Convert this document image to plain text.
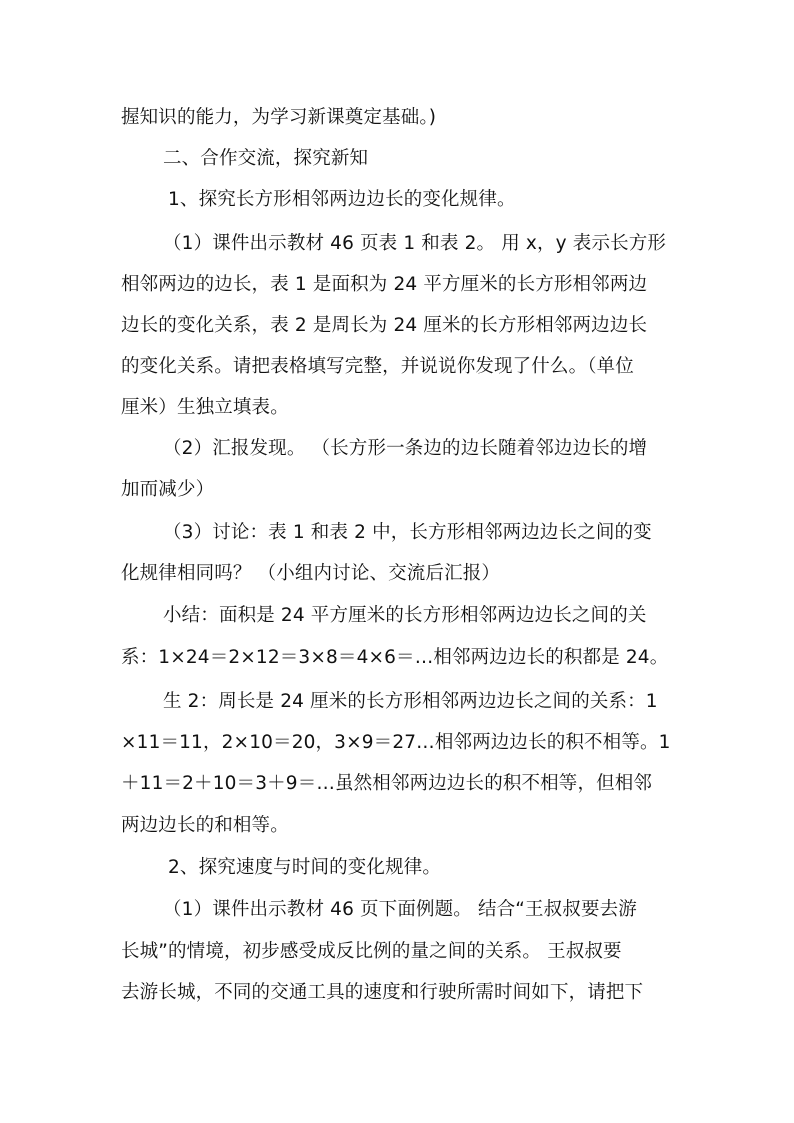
握知识的能力，为学习新课奠定基础。)
二、合作交流，探究新知
1、探究长方形相邻两边边长的变化规律。
（1）课件出示教材 46 页表 1 和表 2。 用 x，y 表示长方形
相邻两边的边长，表 1 是面积为 24 平方厘米的长方形相邻两边
边长的变化关系，表 2 是周长为 24 厘米的长方形相邻两边边长
的变化关系。请把表格填写完整，并说说你发现了什么。（单位
厘米）生独立填表。
（2）汇报发现。 （长方形一条边的边长随着邻边边长的增
加而减少）
（3）讨论：表 1 和表 2 中，长方形相邻两边边长之间的变
化规律相同吗？ （小组内讨论、交流后汇报）
小结：面积是 24 平方厘米的长方形相邻两边边长之间的关
系：1×24＝2×12＝3×8＝4×6＝…相邻两边边长的积都是 24。
生 2：周长是 24 厘米的长方形相邻两边边长之间的关系：1
×11＝11，2×10＝20，3×9＝27…相邻两边边长的积不相等。1
＋11＝2＋10＝3＋9＝…虽然相邻两边边长的积不相等，但相邻
两边边长的和相等。
2、探究速度与时间的变化规律。
（1）课件出示教材 46 页下面例题。 结合“王叔叔要去游
长城”的情境，初步感受成反比例的量之间的关系。 王叔叔要
去游长城，不同的交通工具的速度和行驶所需时间如下，请把下
